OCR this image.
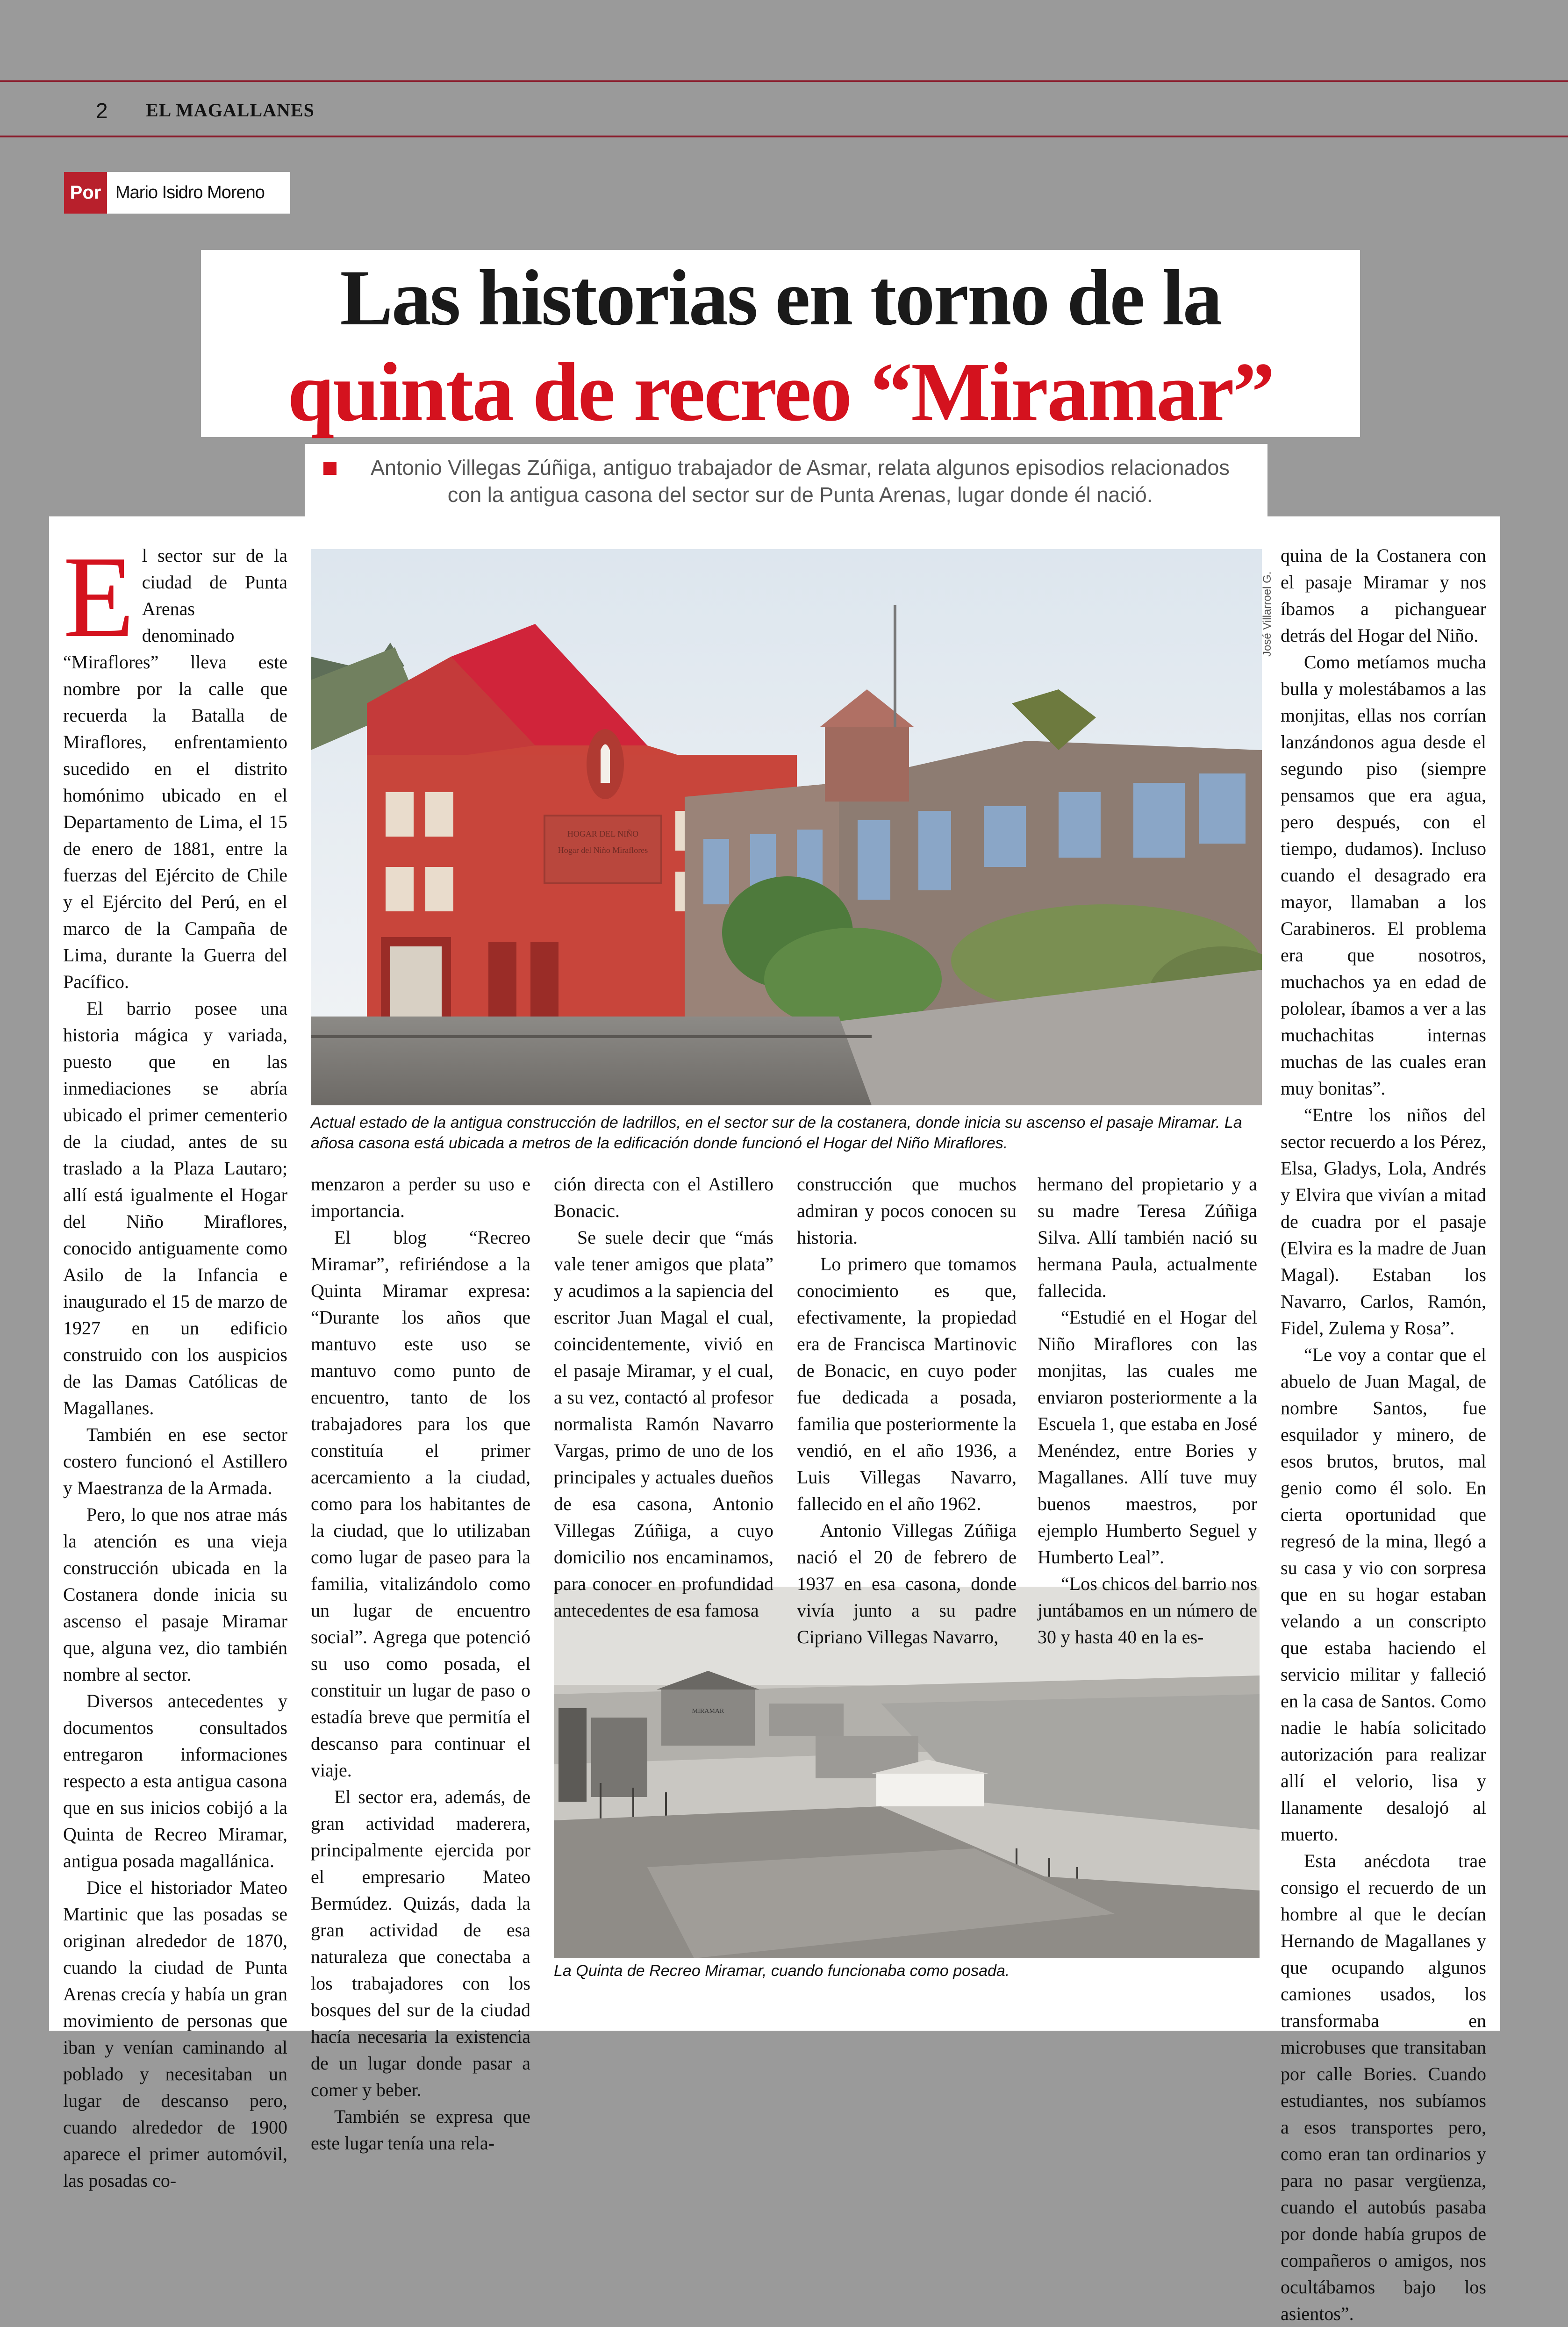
2 EL MAGALLANES
Por Mario Isidro Moreno
Las historias en torno de la
quinta de recreo “Miramar”
Antonio Villegas Zúñiga, antiguo trabajador de Asmar, relata algunos episodios relacionados con la antigua casona del sector sur de Punta Arenas, lugar donde él nació.
HOGAR DEL NIÑO
Hogar del Niño Miraflores
José Villarroel G.
Actual estado de la antigua construcción de ladrillos, en el sector sur de la costanera, donde inicia su ascenso el pasaje Miramar. La añosa casona está ubicada a metros de la edificación donde funcionó el Hogar del Niño Miraflores.
MIRAMAR
La Quinta de Recreo Miramar, cuando funcionaba como posada.

El sector sur de la ciudad de Punta Arenas denominado “Miraflores” lleva este nombre por la calle que recuerda la Batalla de Miraflores, enfrentamiento sucedido en el distrito homónimo ubicado en el Departamento de Lima, el 15 de enero de 1881, entre la fuerzas del Ejército de Chile y el Ejército del Perú, en el marco de la Campaña de Lima, durante la Guerra del Pacífico.

El barrio posee una historia mágica y variada, puesto que en las inmediaciones se abría ubicado el primer cementerio de la ciudad, antes de su traslado a la Plaza Lautaro; allí está igualmente el Hogar del Niño Miraflores, conocido antiguamente como Asilo de la Infancia e inaugurado el 15 de marzo de 1927 en un edificio construido con los auspicios de las Damas Católicas de Magallanes.

También en ese sector costero funcionó el Astillero y Maestranza de la Armada.

Pero, lo que nos atrae más la atención es una vieja construcción ubicada en la Costanera donde inicia su ascenso el pasaje Miramar que, alguna vez, dio también nombre al sector.

Diversos antecedentes y documentos consultados entregaron informaciones respecto a esta antigua casona que en sus inicios cobijó a la Quinta de Recreo Miramar, antigua posada magallánica.

Dice el historiador Mateo Martinic que las posadas se originan alrededor de 1870, cuando la ciudad de Punta Arenas crecía y había un gran movimiento de personas que iban y venían caminando al poblado y necesitaban un lugar de descanso pero, cuando alrededor de 1900 aparece el primer automóvil, las posadas co-

menzaron a perder su uso e importancia.

El blog “Recreo Miramar”, refiriéndose a la Quinta Miramar expresa: “Durante los años que mantuvo este uso se mantuvo como punto de encuentro, tanto de los trabajadores para los que constituía el primer acercamiento a la ciudad, como para los habitantes de la ciudad, que lo utilizaban como lugar de paseo para la familia, vitalizándolo como un lugar de encuentro social”. Agrega que potenció su uso como posada, el constituir un lugar de paso o estadía breve que permitía el descanso para continuar el viaje.

El sector era, además, de gran actividad maderera, principalmente ejercida por el empresario Mateo Bermúdez. Quizás, dada la gran actividad de esa naturaleza que conectaba a los trabajadores con los bosques del sur de la ciudad hacía necesaria la existencia de un lugar donde pasar a comer y beber.

También se expresa que este lugar tenía una rela-

ción directa con el Astillero Bonacic.

Se suele decir que “más vale tener amigos que plata” y acudimos a la sapiencia del escritor Juan Magal el cual, coincidentemente, vivió en el pasaje Miramar, y el cual, a su vez, contactó al profesor normalista Ramón Navarro Vargas, primo de uno de los principales y actuales dueños de esa casona, Antonio Villegas Zúñiga, a cuyo domicilio nos encaminamos, para conocer en profundidad antecedentes de esa famosa

construcción que muchos admiran y pocos conocen su historia.

Lo primero que tomamos conocimiento es que, efectivamente, la propiedad era de Francisca Martinovic de Bonacic, en cuyo poder fue dedicada a posada, familia que posteriormente la vendió, en el año 1936, a Luis Villegas Navarro, fallecido en el año 1962.

Antonio Villegas Zúñiga nació el 20 de febrero de 1937 en esa casona, donde vivía junto a su padre Cipriano Villegas Navarro,

hermano del propietario y a su madre Teresa Zúñiga Silva. Allí también nació su hermana Paula, actualmente fallecida.

“Estudié en el Hogar del Niño Miraflores con las monjitas, las cuales me enviaron posteriormente a la Escuela 1, que estaba en José Menéndez, entre Bories y Magallanes. Allí tuve muy buenos maestros, por ejemplo Humberto Seguel y Humberto Leal”.

“Los chicos del barrio nos juntábamos en un número de 30 y hasta 40 en la es-

quina de la Costanera con el pasaje Miramar y nos íbamos a pichanguear detrás del Hogar del Niño.

Como metíamos mucha bulla y molestábamos a las monjitas, ellas nos corrían lanzándonos agua desde el segundo piso (siempre pensamos que era agua, pero después, con el tiempo, dudamos). Incluso cuando el desagrado era mayor, llamaban a los Carabineros. El problema era que nosotros, muchachos ya en edad de pololear, íbamos a ver a las muchachitas internas muchas de las cuales eran muy bonitas”.

“Entre los niños del sector recuerdo a los Pérez, Elsa, Gladys, Lola, Andrés y Elvira que vivían a mitad de cuadra por el pasaje (Elvira es la madre de Juan Magal). Estaban los Navarro, Carlos, Ramón, Fidel, Zulema y Rosa”.

“Le voy a contar que el abuelo de Juan Magal, de nombre Santos, fue esquilador y minero, de esos brutos, brutos, mal genio como él solo. En cierta oportunidad que regresó de la mina, llegó a su casa y vio con sorpresa que en su hogar estaban velando a un conscripto que estaba haciendo el servicio militar y falleció en la casa de Santos. Como nadie le había solicitado autorización para realizar allí el velorio, lisa y llanamente desalojó al muerto.

Esta anécdota trae consigo el recuerdo de un hombre al que le decían Hernando de Magallanes y que ocupando algunos camiones usados, los transformaba en microbuses que transitaban por calle Bories. Cuando estudiantes, nos subíamos a esos transportes pero, como eran tan ordinarios y para no pasar vergüenza, cuando el autobús pasaba por donde había grupos de compañeros o amigos, nos ocultábamos bajo los asientos”.
